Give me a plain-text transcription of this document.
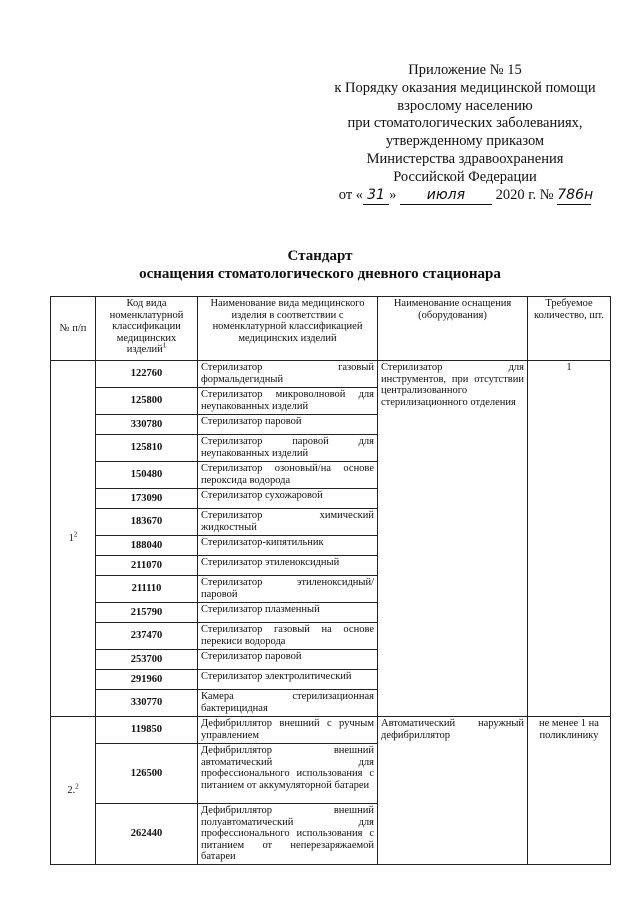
Приложение № 15
к Порядку оказания медицинской помощи
взрослому населению
при стоматологических заболеваниях,
утвержденному приказом
Министерства здравоохранения
Российской Федерации
от « 31 » июля 2020 г. № 786н
Стандарт
оснащения стоматологического дневного стационара
№ п/п	Код вида номенклатурной классификации медицинских изделий$^1$	Наименование вида медицинского изделия в соответствии с номенклатурной классификацией медицинских изделий	Наименование оснащения (оборудования)	Требуемое количество, шт.
$1^2$	122760	Стерилизатор газовый формальдегидный	Стерилизатор для инструментов, при отсутствии централизованного стерилизационного отделения	1
	125800	Стерилизатор микроволновой для неупакованных изделий		
	330780	Стерилизатор паровой		
	125810	Стерилизатор паровой для неупакованных изделий		
	150480	Стерилизатор озоновый/на основе пероксида водорода		
	173090	Стерилизатор сухожаровой		
	183670	Стерилизатор химический жидкостный		
	188040	Стерилизатор-кипятильник		
	211070	Стерилизатор этиленоксидный		
	211110	Стерилизатор этиленоксидный/паровой		
	215790	Стерилизатор плазменный		
	237470	Стерилизатор газовый на основе перекиси водорода		
	253700	Стерилизатор паровой		
	291960	Стерилизатор электролитический		
	330770	Камера стерилизационная бактерицидная		
2.$^2$	119850	Дефибриллятор внешний с ручным управлением	Автоматический наружный дефибриллятор	не менее 1 на поликлинику
	126500	Дефибриллятор внешний автоматический для профессионального использования с питанием от аккумуляторной батареи		
	262440	Дефибриллятор внешний полуавтоматический для профессионального использования с питанием от неперезаряжаемой батареи		
